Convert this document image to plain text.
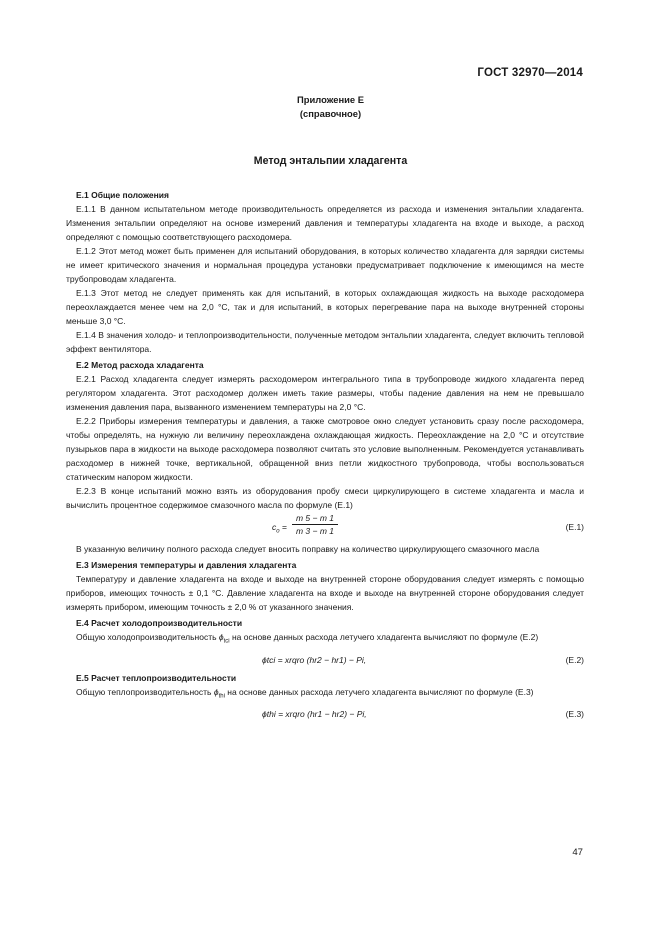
ГОСТ 32970—2014
Приложение Е
(справочное)
Метод энтальпии хладагента
Е.1 Общие положения

Е.1.1 В данном испытательном методе производительность определяется из расхода и изменения энтальпии хладагента. Изменения энтальпии определяют на основе измерений давления и температуры хладагента на входе и выходе, а расход определяют с помощью соответствующего расходомера.

Е.1.2 Этот метод может быть применен для испытаний оборудования, в которых количество хладагента для зарядки системы не имеет критического значения и нормальная процедура установки предусматривает подключение к имеющимся на месте трубопроводам хладагента.

Е.1.3 Этот метод не следует применять как для испытаний, в которых охлаждающая жидкость на выходе расходомера переохлаждается менее чем на 2,0 °С, так и для испытаний, в которых перегревание пара на выходе внутренней стороны меньше 3,0 °С.

Е.1.4 В значения холодо- и теплопроизводительности, полученные методом энтальпии хладагента, следует включить тепловой эффект вентилятора.

Е.2 Метод расхода хладагента

Е.2.1 Расход хладагента следует измерять расходомером интегрального типа в трубопроводе жидкого хладагента перед регулятором хладагента. Этот расходомер должен иметь такие размеры, чтобы падение давления на нем не превышало изменения давления пара, вызванного изменением температуры на 2,0 °С.

Е.2.2 Приборы измерения температуры и давления, а также смотровое окно следует установить сразу после расходомера, чтобы определять, на нужную ли величину переохлаждена охлаждающая жидкость. Переохлаждение на 2,0 °С и отсутствие пузырьков пара в жидкости на выходе расходомера позволяют считать это условие выполненным. Рекомендуется устанавливать расходомер в нижней точке, вертикальной, обращенной вниз петли жидкостного трубопровода, чтобы воспользоваться статическим напором жидкости.

Е.2.3 В конце испытаний можно взять из оборудования пробу смеси циркулирующего в системе хладагента и масла и вычислить процентное содержимое смазочного масла по формуле (Е.1)

$c_o = \frac{m 5 - m 1}{m 3 - m 1}$	(Е.1)

В указанную величину полного расхода следует вносить поправку на количество циркулирующего смазочного масла

Е.3 Измерения температуры и давления хладагента

Температуру и давление хладагента на входе и выходе на внутренней стороне оборудования следует измерять с помощью приборов, имеющих точность ± 0,1 °С. Давление хладагента на входе и выходе на внутренней стороне оборудования следует измерять прибором, имеющим точность ± 2,0 % от указанного значения.

Е.4 Расчет холодопроизводительности

Общую холодопроизводительность $\phi_{tci}$ на основе данных расхода летучего хладагента вычисляют по формуле (Е.2)

ϕtci = xrqro (hr2 − hr1) − Pi,	(Е.2)
Е.5 Расчет теплопроизводительности

Общую теплопроизводительность $\phi_{thi}$ на основе данных расхода летучего хладагента вычисляют по формуле (Е.3)

ϕthi = xrqro (hr1 − hr2) − Pi,	(Е.3)
47
